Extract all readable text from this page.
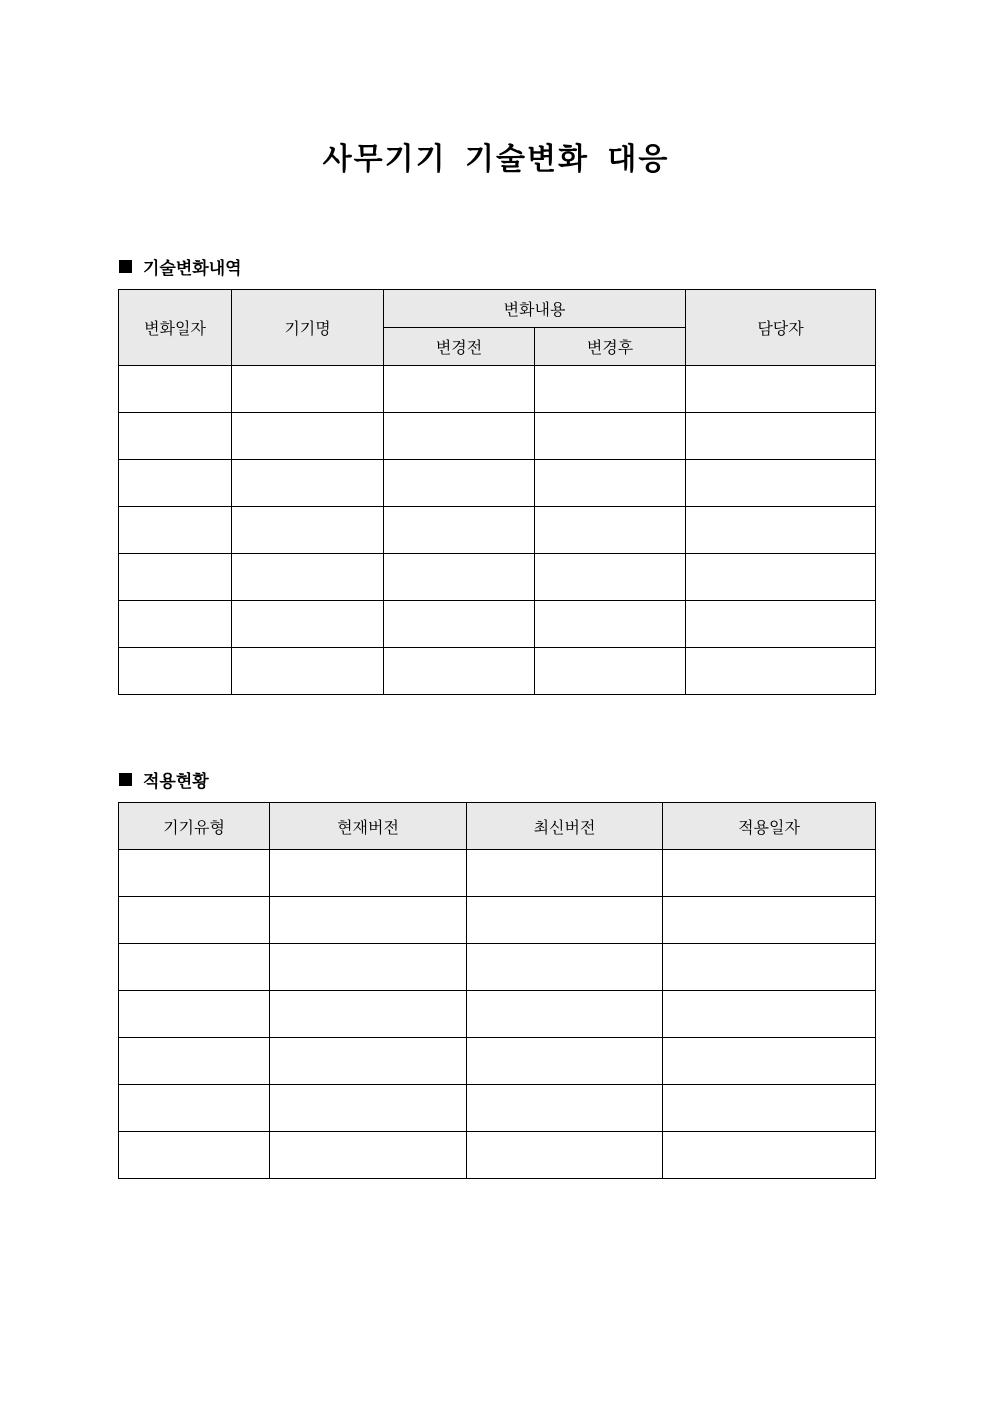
사무기기 기술변화 대응
기술변화내역
변화일자	기기명	변화내용		담당자
		변경전	변경후	

적용현황
기기유형	현재버전	최신버전	적용일자
